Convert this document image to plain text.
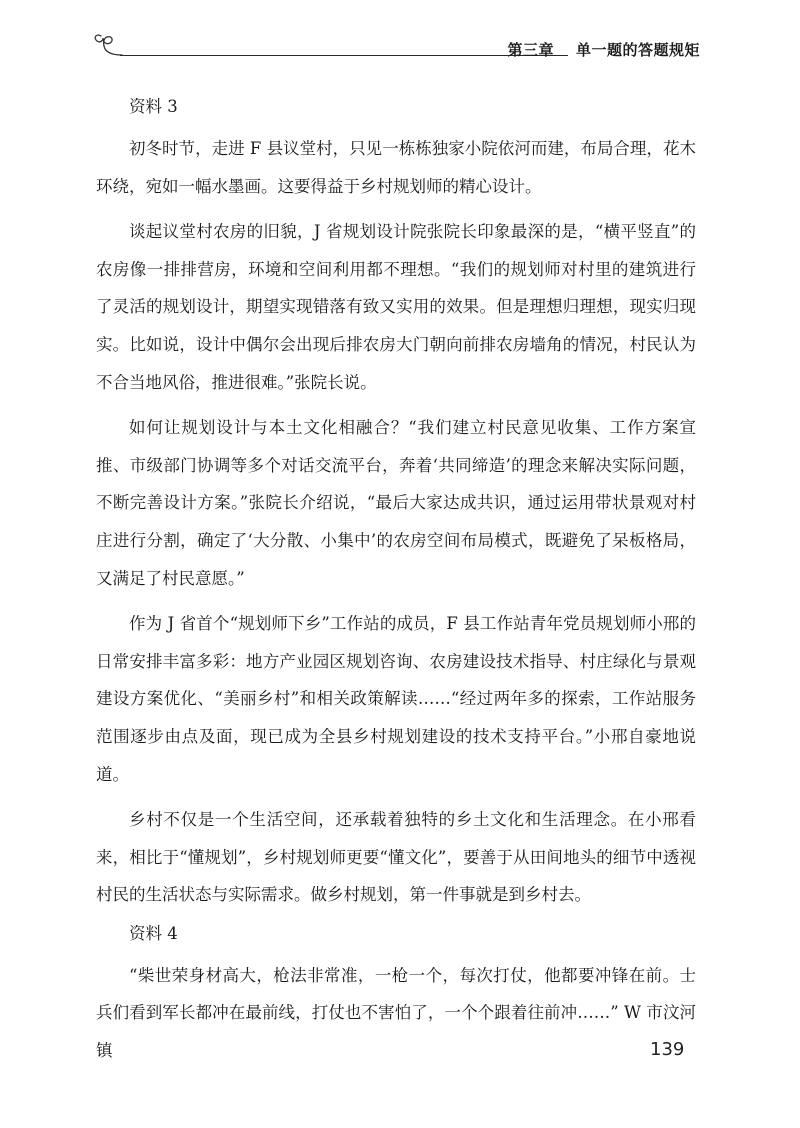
第三章 单一题的答题规矩
资料 3

初冬时节，走进 F 县议堂村，只见一栋栋独家小院依河而建，布局合理，花木环绕，宛如一幅水墨画。这要得益于乡村规划师的精心设计。

谈起议堂村农房的旧貌，J 省规划设计院张院长印象最深的是，“横平竖直”的农房像一排排营房，环境和空间利用都不理想。“我们的规划师对村里的建筑进行了灵活的规划设计，期望实现错落有致又实用的效果。但是理想归理想，现实归现实。比如说，设计中偶尔会出现后排农房大门朝向前排农房墙角的情况，村民认为不合当地风俗，推进很难。”张院长说。

如何让规划设计与本土文化相融合？“我们建立村民意见收集、工作方案宣推、市级部门协调等多个对话交流平台，奔着‘共同缔造’的理念来解决实际问题，不断完善设计方案。”张院长介绍说，“最后大家达成共识，通过运用带状景观对村庄进行分割，确定了‘大分散、小集中’的农房空间布局模式，既避免了呆板格局，又满足了村民意愿。”

作为 J 省首个“规划师下乡”工作站的成员，F 县工作站青年党员规划师小邢的日常安排丰富多彩：地方产业园区规划咨询、农房建设技术指导、村庄绿化与景观建设方案优化、“美丽乡村”和相关政策解读……“经过两年多的探索，工作站服务范围逐步由点及面，现已成为全县乡村规划建设的技术支持平台。”小邢自豪地说道。

乡村不仅是一个生活空间，还承载着独特的乡土文化和生活理念。在小邢看来，相比于“懂规划”，乡村规划师更要“懂文化”，要善于从田间地头的细节中透视村民的生活状态与实际需求。做乡村规划，第一件事就是到乡村去。

资料 4

“柴世荣身材高大，枪法非常准，一枪一个，每次打仗，他都要冲锋在前。士兵们看到军长都冲在最前线，打仗也不害怕了，一个个跟着往前冲……” W 市汶河镇	139
